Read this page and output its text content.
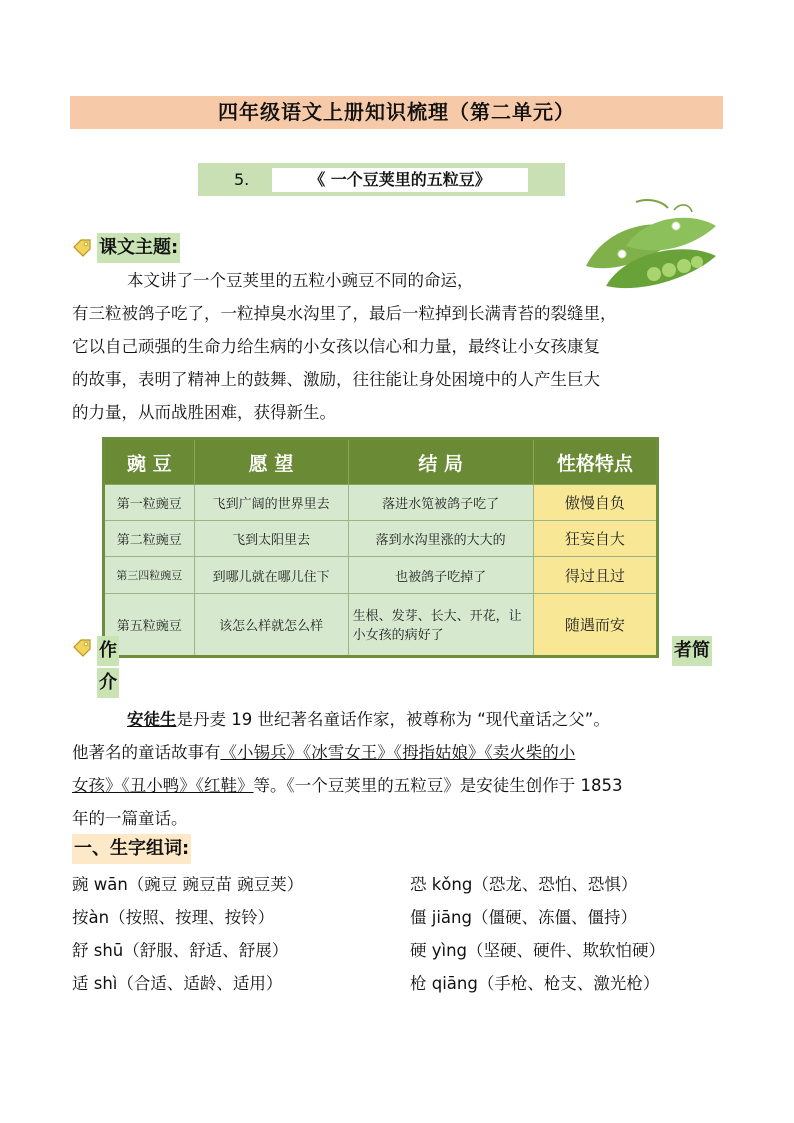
四年级语文上册知识梳理（第二单元）
5.	《 一个豆荚里的五粒豆》
课文主题:

本文讲了一个豆荚里的五粒小豌豆不同的命运，

有三粒被鸽子吃了，一粒掉臭水沟里了，最后一粒掉到长满青苔的裂缝里，

它以自己顽强的生命力给生病的小女孩以信心和力量，最终让小女孩康复

的故事，表明了精神上的鼓舞、激励，往往能让身处困境中的人产生巨大

的力量，从而战胜困难，获得新生。

豌 豆	愿 望	结 局	性格特点
第一粒豌豆	飞到广阔的世界里去	落进水笕被鸽子吃了	傲慢自负
第二粒豌豆	飞到太阳里去	落到水沟里涨的大大的	狂妄自大
第三四粒豌豆	到哪儿就在哪儿住下	也被鸽子吃掉了	得过且过
第五粒豌豆	该怎么样就怎么样	生根、发芽、长大、开花，让小女孩的病好了	随遇而安
作	者简
介

安徒生是丹麦 19 世纪著名童话作家，被尊称为 “现代童话之父”。

他著名的童话故事有《小锡兵》《冰雪女王》《拇指姑娘》《卖火柴的小

女孩》《丑小鸭》《红鞋》等。《一个豆荚里的五粒豆》是安徒生创作于 1853

年的一篇童话。

一、生字组词:
豌 wān（豌豆 豌豆苗 豌豆荚）
按àn（按照、按理、按铃）
舒 shū（舒服、舒适、舒展）
适 shì（合适、适龄、适用）
恐 kǒng（恐龙、恐怕、恐惧）
僵 jiāng（僵硬、冻僵、僵持）
硬 yìng（坚硬、硬件、欺软怕硬）
枪 qiāng（手枪、枪支、激光枪）
